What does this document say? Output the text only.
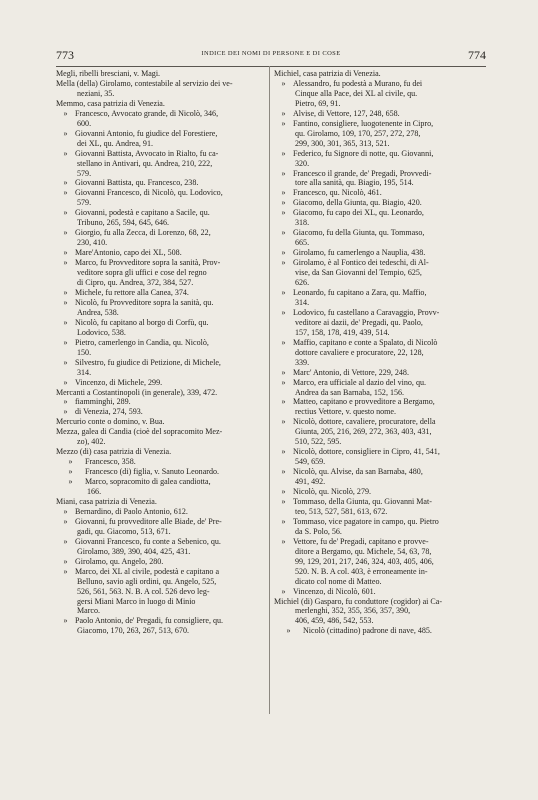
773	INDICE DEI NOMI DI PERSONE E DI COSE	774
Megli, ribelli bresciani, v. Magi.
Mella (della) Girolamo, contestabile al servizio dei ve-
neziani, 35.
Memmo, casa patrizia di Venezia.
» Francesco, Avvocato grande, di Nicolò, 346,
600.
» Giovanni Antonio, fu giudice del Forestiere,
dei XL, qu. Andrea, 91.
» Giovanni Battista, Avvocato in Rialto, fu ca-
stellano in Antivari, qu. Andrea, 210, 222,
579.
» Giovanni Battista, qu. Francesco, 238.
» Giovanni Francesco, di Nicolò, qu. Lodovico,
579.
» Giovanni, podestà e capitano a Sacile, qu.
Tribuno, 265, 594, 645, 646.
» Giorgio, fu alla Zecca, di Lorenzo, 68, 22,
230, 410.
» Mare'Antonio, capo dei XL, 508.
» Marco, fu Provveditore sopra la sanità, Prov-
veditore sopra gli uffici e cose del regno
di Cipro, qu. Andrea, 372, 384, 527.
» Michele, fu rettore alla Canea, 374.
» Nicolò, fu Provveditore sopra la sanità, qu.
Andrea, 538.
» Nicolò, fu capitano al borgo di Corfù, qu.
Lodovico, 538.
» Pietro, camerlengo in Candia, qu. Nicolò,
150.
» Silvestro, fu giudice di Petizione, di Michele,
314.
» Vincenzo, di Michele, 299.
Mercanti a Costantinopoli (in generale), 339, 472.
» fiamminghi, 289.
» di Venezia, 274, 593.
Mercurio conte o domino, v. Bua.
Mezza, galea di Candia (cioè del sopracomito Mez-
zo), 402.
Mezzo (di) casa patrizia di Venezia.
» Francesco, 358.
» Francesco (di) figlia, v. Sanuto Leonardo.
» Marco, sopracomito di galea candiotta,
166.
Miani, casa patrizia di Venezia.
» Bernardino, di Paolo Antonio, 612.
» Giovanni, fu provveditore alle Biade, de' Pre-
gadi, qu. Giacomo, 513, 671.
» Giovanni Francesco, fu conte a Sebenico, qu.
Girolamo, 389, 390, 404, 425, 431.
» Girolamo, qu. Angelo, 280.
» Marco, dei XL al civile, podestà e capitano a
Belluno, savio agli ordini, qu. Angelo, 525,
526, 561, 563. N. B. A col. 526 devo leg-
gersi Miani Marco in luogo di Minio
Marco.
» Paolo Antonio, de' Pregadi, fu consigliere, qu.
Giacomo, 170, 263, 267, 513, 670.
Michiel, casa patrizia di Venezia.
» Alessandro, fu podestà a Murano, fu dei
Cinque alla Pace, dei XL al civile, qu.
Pietro, 69, 91.
» Alvise, di Vettore, 127, 248, 658.
» Fantino, consigliere, luogotenente in Cipro,
qu. Girolamo, 109, 170, 257, 272, 278,
299, 300, 301, 365, 313, 521.
» Federico, fu Signore di notte, qu. Giovanni,
320.
» Francesco il grande, de' Pregadi, Provvedi-
tore alla sanità, qu. Biagio, 195, 514.
» Francesco, qu. Nicolò, 461.
» Giacomo, della Giunta, qu. Biagio, 420.
» Giacomo, fu capo dei XL, qu. Leonardo,
318.
» Giacomo, fu della Giunta, qu. Tommaso,
665.
» Girolamo, fu camerlengo a Nauplia, 438.
» Girolamo, è al Fontico dei tedeschi, di Al-
vise, da San Giovanni del Tempio, 625,
626.
» Leonardo, fu capitano a Zara, qu. Maffio,
314.
» Lodovico, fu castellano a Caravaggio, Provv-
veditore ai dazii, de' Pregadi, qu. Paolo,
157, 158, 178, 419, 439, 514.
» Maffio, capitano e conte a Spalato, di Nicolò
dottore cavaliere e procuratore, 22, 128,
339.
» Marc' Antonio, di Vettore, 229, 248.
» Marco, era ufficiale al dazio del vino, qu.
Andrea da san Barnaba, 152, 156.
» Matteo, capitano e provveditore a Bergamo,
rectius Vettore, v. questo nome.
» Nicolò, dottore, cavaliere, procuratore, della
Giunta, 205, 216, 269, 272, 363, 403, 431,
510, 522, 595.
» Nicolò, dottore, consigliere in Cipro, 41, 541,
549, 659.
» Nicolò, qu. Alvise, da san Barnaba, 480,
491, 492.
» Nicolò, qu. Nicolò, 279.
» Tommaso, della Giunta, qu. Giovanni Mat-
teo, 513, 527, 581, 613, 672.
» Tommaso, vice pagatore in campo, qu. Pietro
da S. Polo, 56.
» Vettore, fu de' Pregadi, capitano e provve-
ditore a Bergamo, qu. Michele, 54, 63, 78,
99, 129, 201, 217, 246, 324, 403, 405, 406,
520. N. B. A col. 403, è erroneamente in-
dicato col nome di Matteo.
» Vincenzo, di Nicolò, 601.
Michiel (di) Gasparo, fu conduttore (cogidor) ai Ca-
merlenghi, 352, 355, 356, 357, 390,
406, 459, 486, 542, 553.
» Nicolò (cittadino) padrone di nave, 485.
